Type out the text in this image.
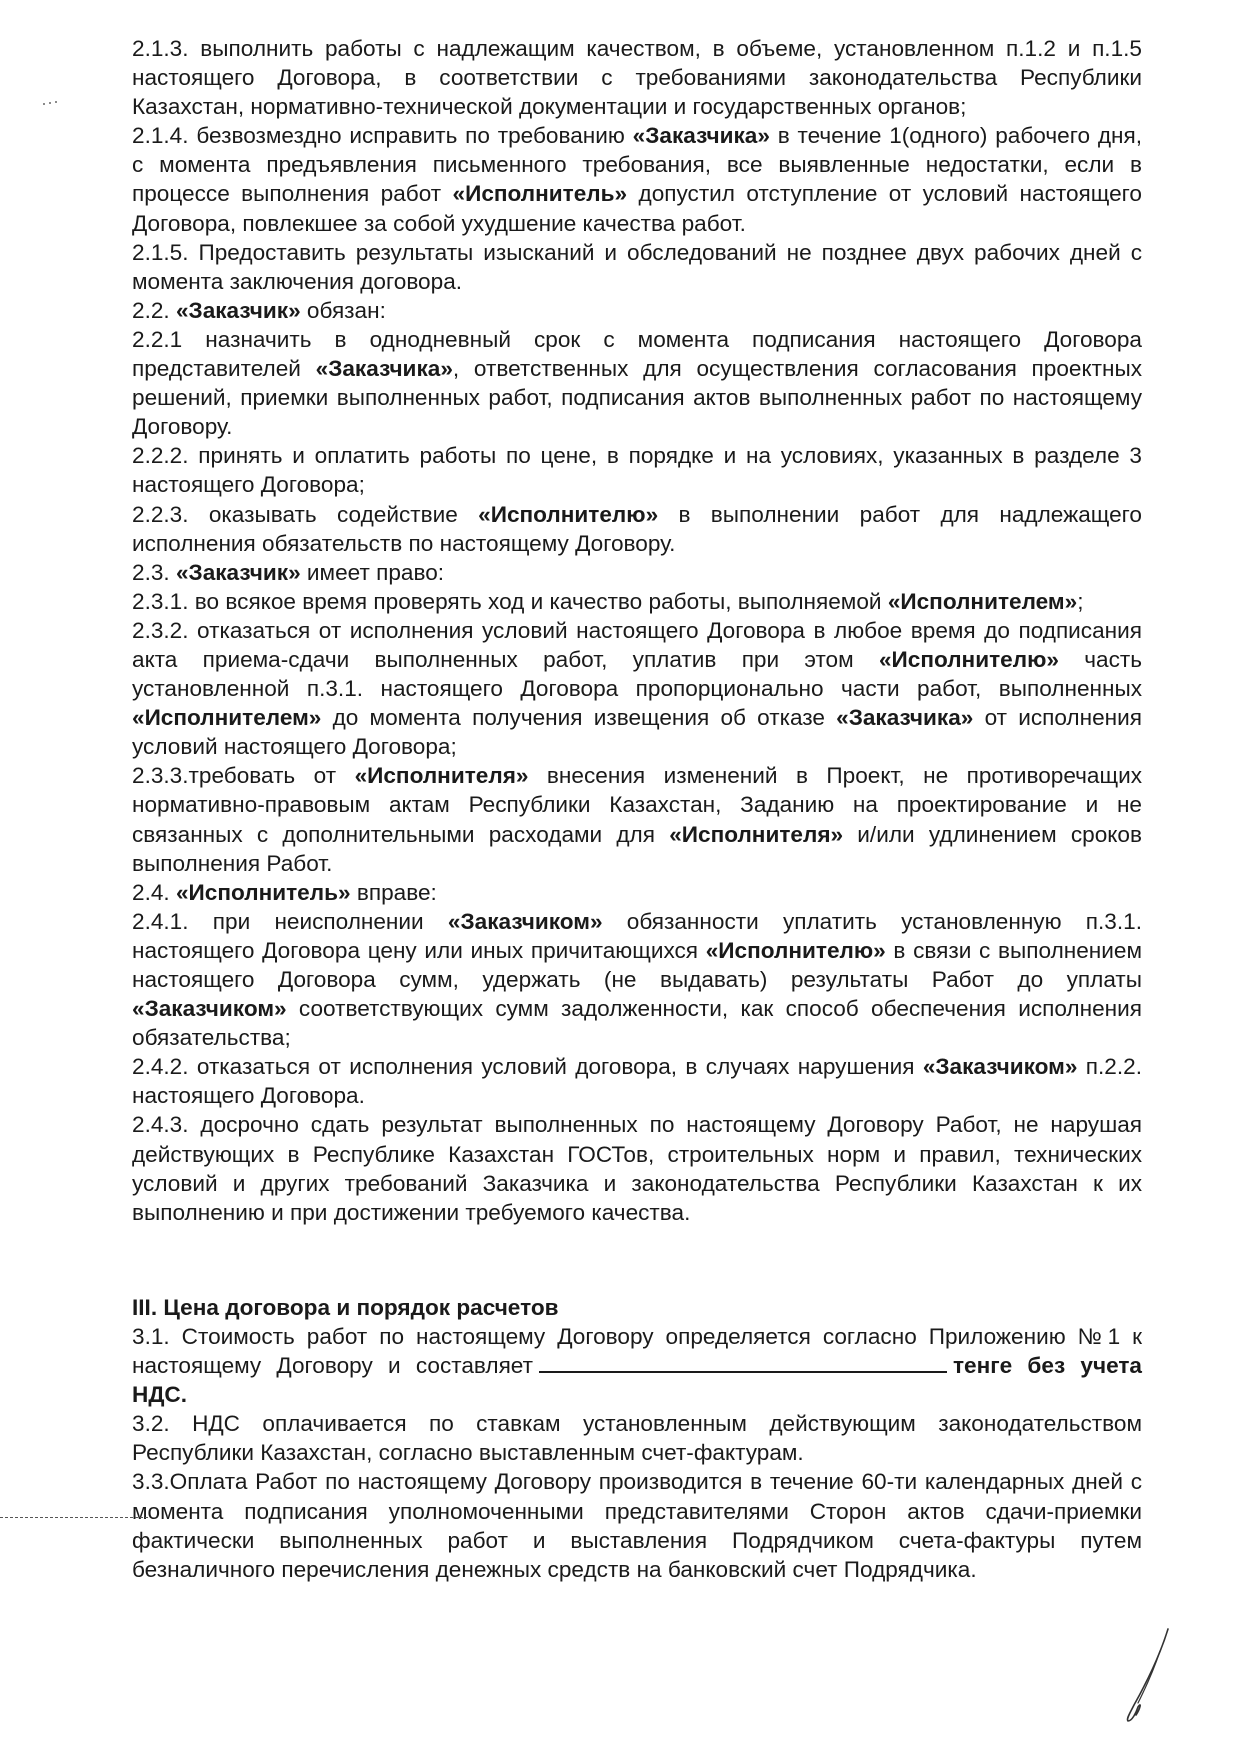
2.1.3. выполнить работы с надлежащим качеством, в объеме, установленном п.1.2 и п.1.5 настоящего Договора, в соответствии с требованиями законодательства Республики Казахстан, нормативно-технической документации и государственных органов;

2.1.4. безвозмездно исправить по требованию «Заказчика» в течение 1(одного) рабочего дня, с момента предъявления письменного требования, все выявленные недостатки, если в процессе выполнения работ «Исполнитель» допустил отступление от условий настоящего Договора, повлекшее за собой ухудшение качества работ.

2.1.5. Предоставить результаты изысканий и обследований не позднее двух рабочих дней с момента заключения договора.

2.2. «Заказчик» обязан:

2.2.1 назначить в однодневный срок с момента подписания настоящего Договора представителей «Заказчика», ответственных для осуществления согласования проектных решений, приемки выполненных работ, подписания актов выполненных работ по настоящему Договору.

2.2.2. принять и оплатить работы по цене, в порядке и на условиях, указанных в разделе 3 настоящего Договора;

2.2.3. оказывать содействие «Исполнителю» в выполнении работ для надлежащего исполнения обязательств по настоящему Договору.

2.3. «Заказчик» имеет право:

2.3.1. во всякое время проверять ход и качество работы, выполняемой «Исполнителем»;

2.3.2. отказаться от исполнения условий настоящего Договора в любое время до подписания акта приема-сдачи выполненных работ, уплатив при этом «Исполнителю» часть установленной п.3.1. настоящего Договора пропорционально части работ, выполненных «Исполнителем» до момента получения извещения об отказе «Заказчика» от исполнения условий настоящего Договора;

2.3.3.требовать от «Исполнителя» внесения изменений в Проект, не противоречащих нормативно-правовым актам Республики Казахстан, Заданию на проектирование и не связанных с дополнительными расходами для «Исполнителя» и/или удлинением сроков выполнения Работ.

2.4. «Исполнитель» вправе:

2.4.1. при неисполнении «Заказчиком» обязанности уплатить установленную п.3.1. настоящего Договора цену или иных причитающихся «Исполнителю» в связи с выполнением настоящего Договора сумм, удержать (не выдавать) результаты Работ до уплаты «Заказчиком» соответствующих сумм задолженности, как способ обеспечения исполнения обязательства;

2.4.2. отказаться от исполнения условий договора, в случаях нарушения «Заказчиком» п.2.2. настоящего Договора.

2.4.3. досрочно сдать результат выполненных по настоящему Договору Работ, не нарушая действующих в Республике Казахстан ГОСТов, строительных норм и правил, технических условий и других требований Заказчика и законодательства Республики Казахстан к их выполнению и при достижении требуемого качества.

III. Цена договора и порядок расчетов

3.1. Стоимость работ по настоящему Договору определяется согласно Приложению №1 к настоящему Договору и составляет	тенге без учета НДС.

3.2. НДС оплачивается по ставкам установленным действующим законодательством Республики Казахстан, согласно выставленным счет-фактурам.

3.3.Оплата Работ по настоящему Договору производится в течение 60-ти календарных дней с момента подписания уполномоченными представителями Сторон актов сдачи-приемки фактически выполненных работ и выставления Подрядчиком счета-фактуры путем безналичного перечисления денежных средств на банковский счет Подрядчика.
